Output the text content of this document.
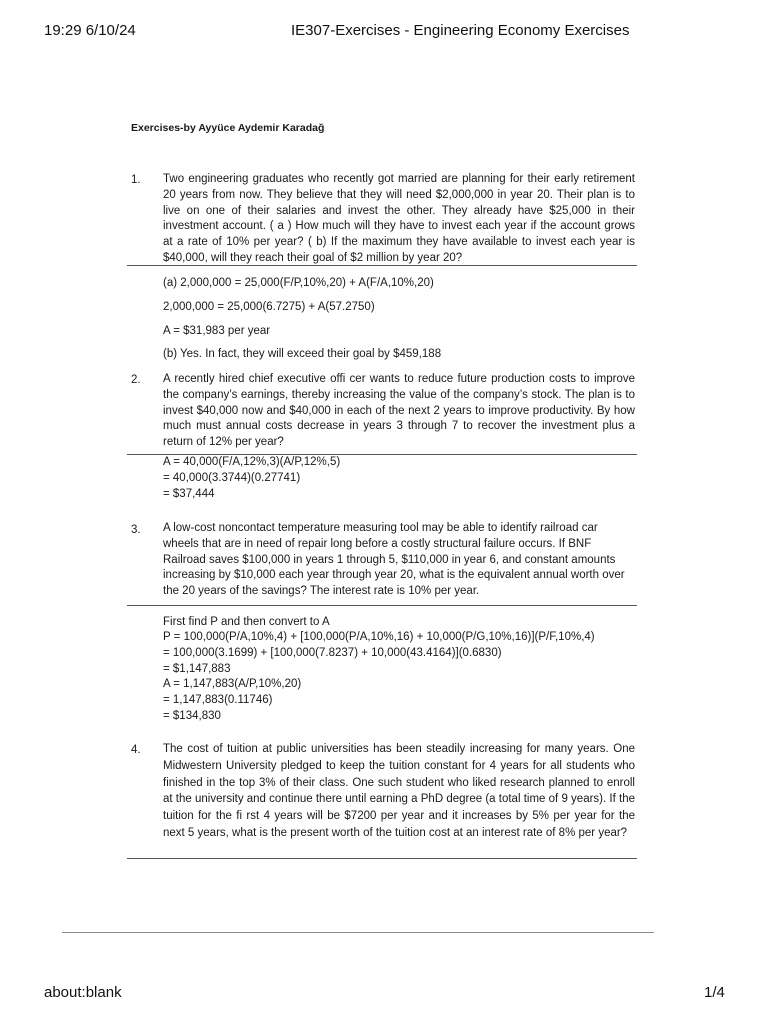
19:29 6/10/24	IE307-Exercises - Engineering Economy Exercises
Exercises-by Ayyüce Aydemir Karadağ
1. Two engineering graduates who recently got married are planning for their early retirement 20 years from now. They believe that they will need $2,000,000 in year 20. Their plan is to live on one of their salaries and invest the other. They already have $25,000 in their investment account. ( a ) How much will they have to invest each year if the account grows at a rate of 10% per year? ( b) If the maximum they have available to invest each year is $40,000, will they reach their goal of $2 million by year 20?
(a) 2,000,000 = 25,000(F/P,10%,20) + A(F/A,10%,20)
2,000,000 = 25,000(6.7275) + A(57.2750)
A = $31,983 per year
(b) Yes. In fact, they will exceed their goal by $459,188
2. A recently hired chief executive offi cer wants to reduce future production costs to improve the company’s earnings, thereby increasing the value of the company’s stock. The plan is to invest $40,000 now and $40,000 in each of the next 2 years to improve productivity. By how much must annual costs decrease in years 3 through 7 to recover the investment plus a return of 12% per year?
A = 40,000(F/A,12%,3)(A/P,12%,5)
= 40,000(3.3744)(0.27741)
= $37,444
3. A low-cost noncontact temperature measuring tool may be able to identify railroad car wheels that are in need of repair long before a costly structural failure occurs. If BNF Railroad saves $100,000 in years 1 through 5, $110,000 in year 6, and constant amounts increasing by $10,000 each year through year 20, what is the equivalent annual worth over the 20 years of the savings? The interest rate is 10% per year.
First find P and then convert to A
P = 100,000(P/A,10%,4) + [100,000(P/A,10%,16) + 10,000(P/G,10%,16)](P/F,10%,4)
= 100,000(3.1699) + [100,000(7.8237) + 10,000(43.4164)](0.6830)
= $1,147,883
A = 1,147,883(A/P,10%,20)
= 1,147,883(0.11746)
= $134,830
4. The cost of tuition at public universities has been steadily increasing for many years. One Midwestern University pledged to keep the tuition constant for 4 years for all students who finished in the top 3% of their class. One such student who liked research planned to enroll at the university and continue there until earning a PhD degree (a total time of 9 years). If the tuition for the fi rst 4 years will be $7200 per year and it increases by 5% per year for the next 5 years, what is the present worth of the tuition cost at an interest rate of 8% per year?
about:blank	1/4
